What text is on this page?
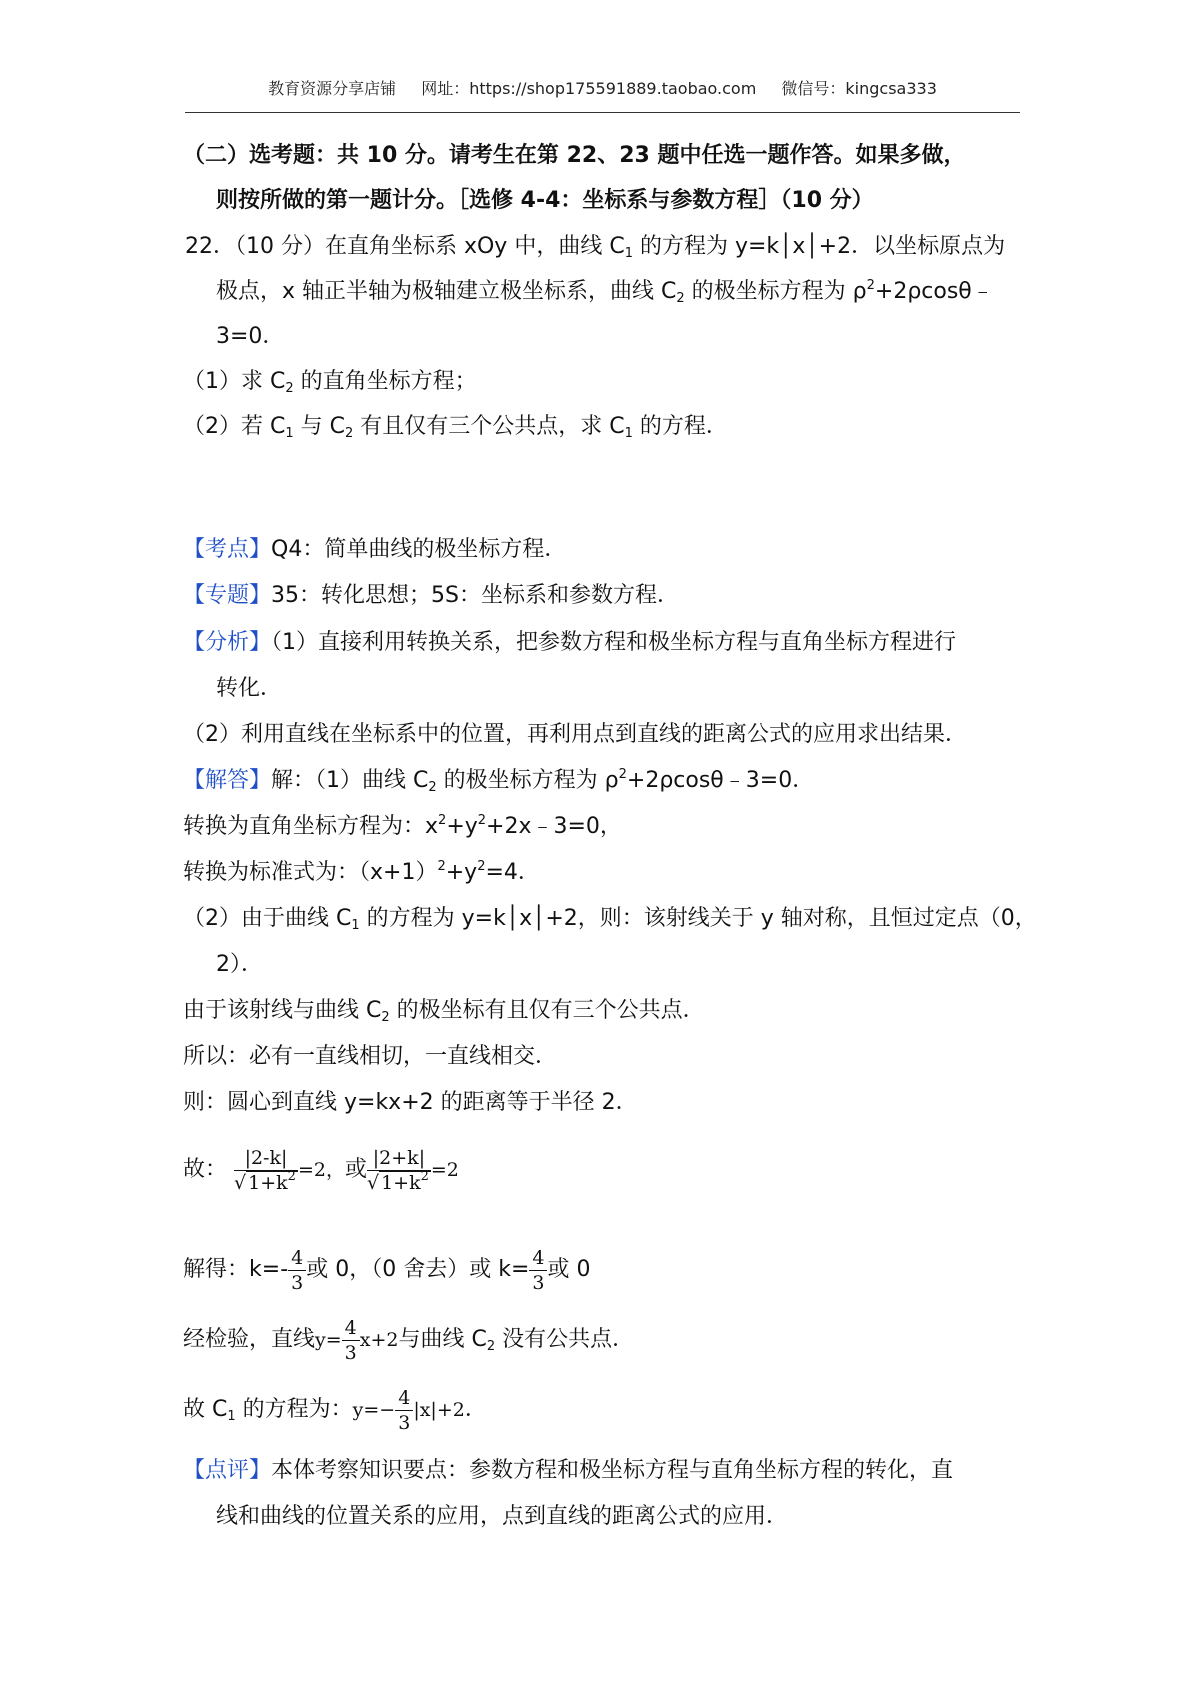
教育资源分享店铺 网址：https://shop175591889.taobao.com 微信号：kingcsa333
（二）选考题：共 10 分。请考生在第 22、23 题中任选一题作答。如果多做，
则按所做的第一题计分。［选修 4-4：坐标系与参数方程］（10 分）
22．（10 分）在直角坐标系 xOy 中，曲线 $C_1$ 的方程为 y=k│x│+2．以坐标原点为
极点，x 轴正半轴为极轴建立极坐标系，曲线 $C_2$ 的极坐标方程为 $\rho^2+2\rho\cos\theta﹣$
3=0．
（1）求 $C_2$ 的直角坐标方程；
（2）若 $C_1$ 与 $C_2$ 有且仅有三个公共点，求 $C_1$ 的方程．
【考点】Q4：简单曲线的极坐标方程．
【专题】35：转化思想；5S：坐标系和参数方程．
【分析】（1）直接利用转换关系，把参数方程和极坐标方程与直角坐标方程进行
转化．
（2）利用直线在坐标系中的位置，再利用点到直线的距离公式的应用求出结果．
【解答】解：（1）曲线 $C_2$ 的极坐标方程为 $\rho^2+2\rho\cos\theta﹣3=0$．
转换为直角坐标方程为：$x^2+y^2+2x﹣3=0$，
转换为标准式为：$(x+1)^2+y^2=4$．
（2）由于曲线 $C_1$ 的方程为 y=k│x│+2，则：该射线关于 y 轴对称，且恒过定点（0，
2）．
由于该射线与曲线 $C_2$ 的极坐标有且仅有三个公共点．
所以：必有一直线相切，一直线相交．
则：圆心到直线 y=kx+2 的距离等于半径 2．
故： $\frac{|2-k|}{√ 1+k^2} =2$，或 $\frac{|2+k|}{√ 1+k^2} =2$
解得：$k=- \frac{4}{3}$ 或 0，（0 舍去）或 $k= \frac{4}{3}$ 或 0
经检验，直线$y= \frac{4}{3} x+2$与曲线 $C_2$ 没有公共点．
故 $C_1$ 的方程为：$y=- \frac{4}{3} |x|+2$．
【点评】本体考察知识要点：参数方程和极坐标方程与直角坐标方程的转化，直
线和曲线的位置关系的应用，点到直线的距离公式的应用．
